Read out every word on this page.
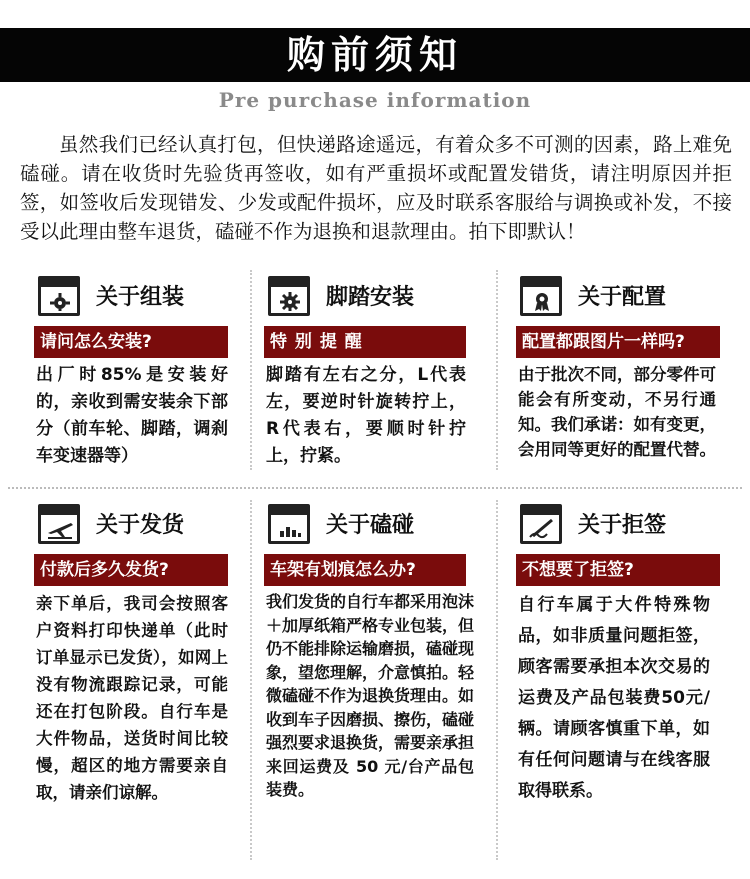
购前须知
Pre purchase information
虽然我们已经认真打包，但快递路途遥远，有着众多不可测的因素，路上难免磕碰。请在收货时先验货再签收，如有严重损坏或配置发错货，请注明原因并拒签，如签收后发现错发、少发或配件损坏，应及时联系客服给与调换或补发，不接受以此理由整车退货，磕碰不作为退换和退款理由。拍下即默认！
关于组装
请问怎么安装?
出厂时85%是安装好的，亲收到需安装余下部分（前车轮、脚踏，调刹车变速器等）
脚踏安装
特 别 提 醒
脚踏有左右之分，L代表左，要逆时针旋转拧上，R代表右，要顺时针拧上，拧紧。
关于配置
配置都跟图片一样吗?
由于批次不同，部分零件可能会有所变动，不另行通知。我们承诺：如有变更，会用同等更好的配置代替。
关于发货
付款后多久发货?
亲下单后，我司会按照客户资料打印快递单（此时订单显示已发货），如网上没有物流跟踪记录，可能还在打包阶段。自行车是大件物品，送货时间比较慢，超区的地方需要亲自取，请亲们谅解。
关于磕碰
车架有划痕怎么办?
我们发货的自行车都采用泡沫＋加厚纸箱严格专业包装，但仍不能排除运输磨损，磕碰现象，望您理解，介意慎拍。轻微磕碰不作为退换货理由。如收到车子因磨损、擦伤，磕碰强烈要求退换货，需要亲承担来回运费及 50 元/台产品包装费。
关于拒签
不想要了拒签?
自行车属于大件特殊物品，如非质量问题拒签，顾客需要承担本次交易的运费及产品包装费50元/辆。请顾客慎重下单，如有任何问题请与在线客服取得联系。
